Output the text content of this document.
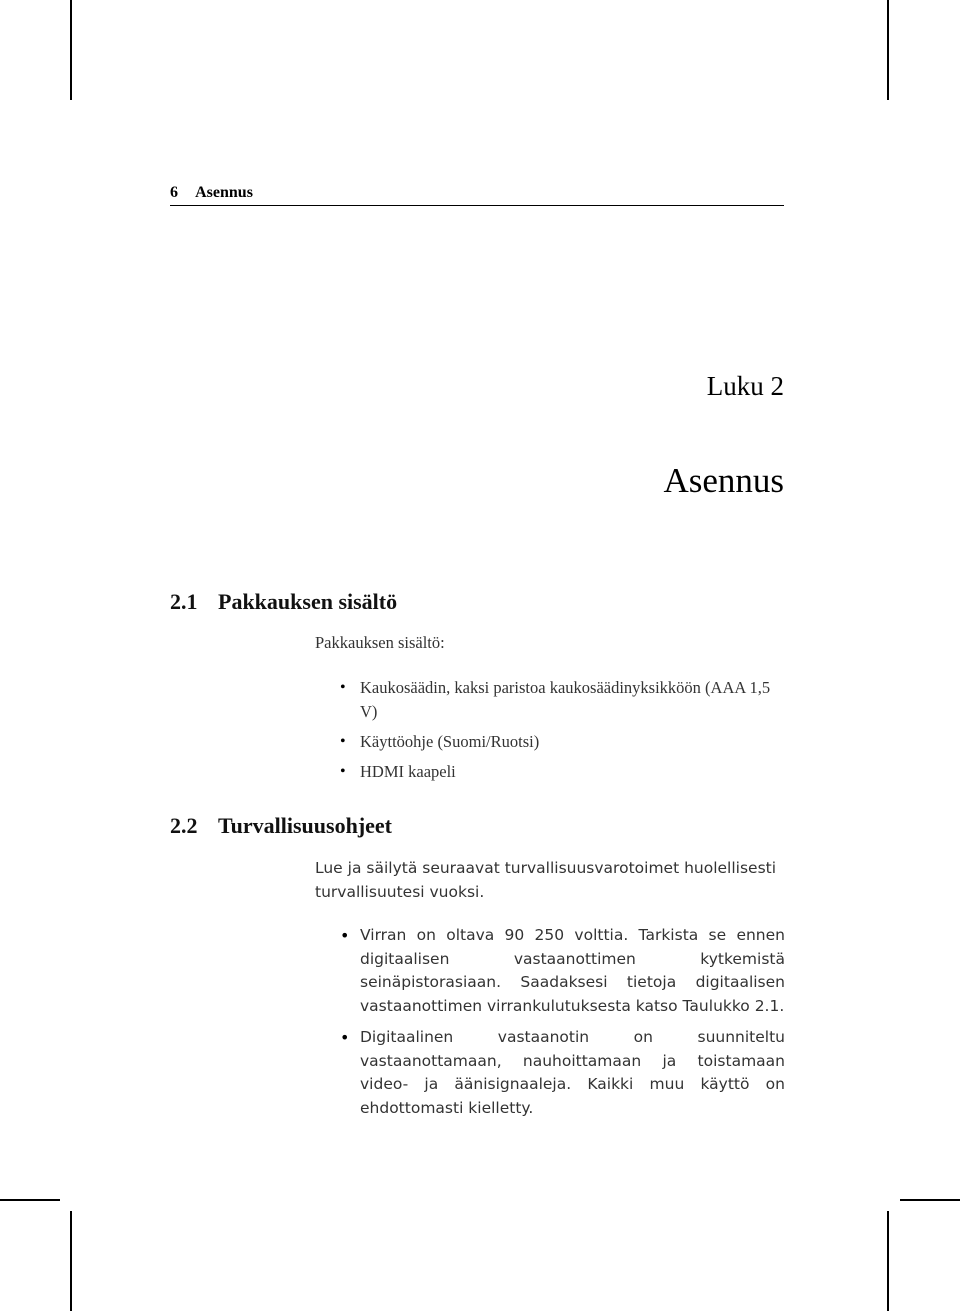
6 Asennus
Luku 2
Asennus
2.1 Pakkauksen sisältö
Pakkauksen sisältö:
• Kaukosäädin, kaksi paristoa kaukosäädinyksikköön (AAA 1,5 V)
• Käyttöohje (Suomi/Ruotsi)
• HDMI kaapeli
2.2 Turvallisuusohjeet
Lue ja säilytä seuraavat turvallisuusvarotoimet huolellisesti turvallisuutesi vuoksi.
• Virran on oltava 90 250 volttia. Tarkista se ennen digitaalisen vastaanottimen kytkemistä seinäpistorasiaan. Saadaksesi tietoja digitaalisen vastaanottimen virrankulutuksesta katso Taulukko 2.1.
• Digitaalinen vastaanotin on suunniteltu vastaanottamaan, nauhoittamaan ja toistamaan video- ja äänisignaaleja. Kaikki muu käyttö on ehdottomasti kielletty.
